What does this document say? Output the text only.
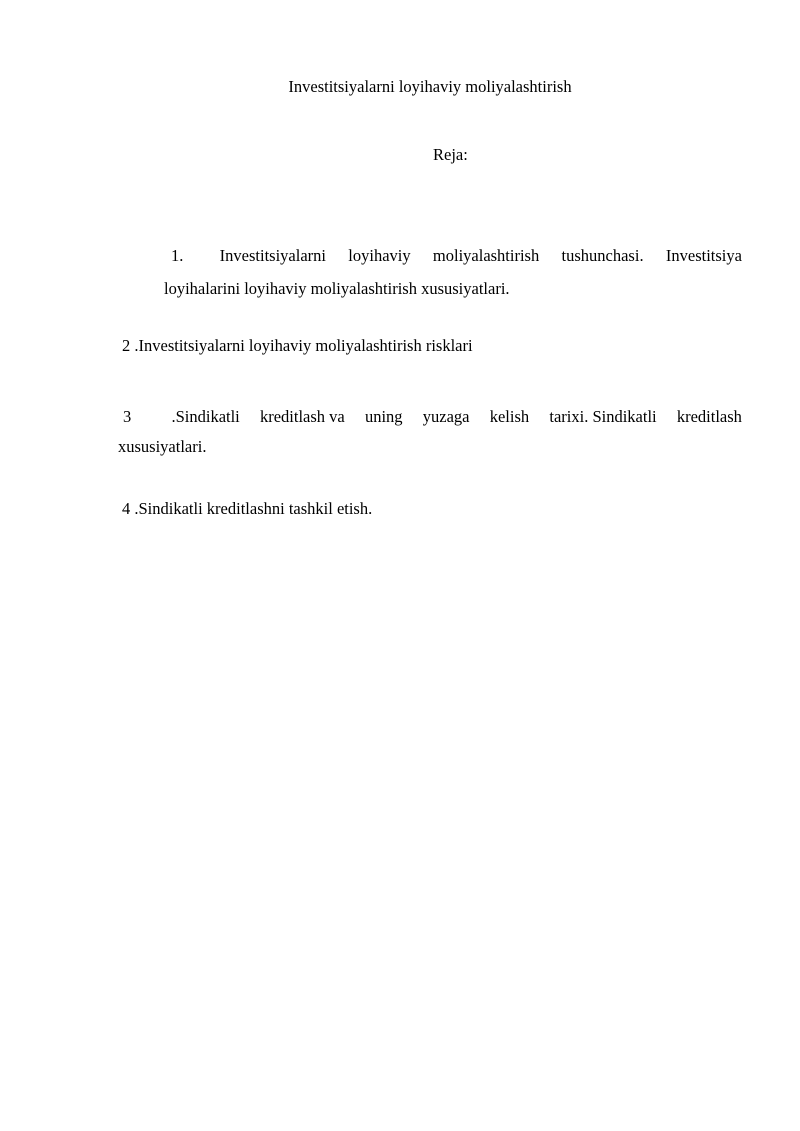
Investitsiyalarni loyihaviy moliyalashtirish
Reja:
1. Investitsiyalarni loyihaviy moliyalashtirish tushunchasi. Investitsiya
loyihalarini loyihaviy moliyalashtirish xususiyatlari.
2 .Investitsiyalarni loyihaviy moliyalashtirish risklari
3 .Sindikatli kreditlash va uning yuzaga kelish tarixi. Sindikatli kreditlash
xususiyatlari.
4 .Sindikatli kreditlashni tashkil etish.
